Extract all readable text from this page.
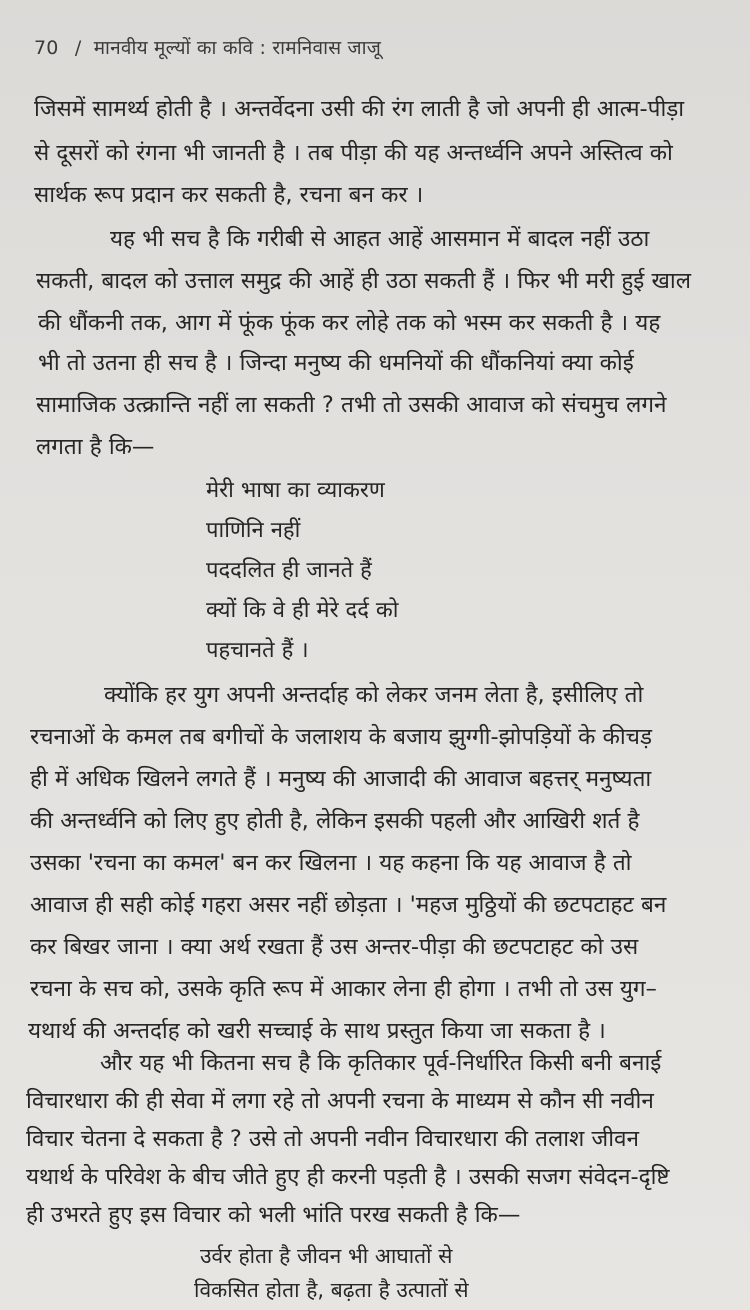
70 / मानवीय मूल्यों का कवि : रामनिवास जाजू
जिसमें सामर्थ्य होती है । अन्तर्वेदना उसी की रंग लाती है जो अपनी ही आत्म-पीड़ा
से दूसरों को रंगना भी जानती है । तब पीड़ा की यह अन्तर्ध्वनि अपने अस्तित्व को
सार्थक रूप प्रदान कर सकती है, रचना बन कर ।
यह भी सच है कि गरीबी से आहत आहें आसमान में बादल नहीं उठा
सकती, बादल को उत्ताल समुद्र की आहें ही उठा सकती हैं । फिर भी मरी हुई खाल
की धौंकनी तक, आग में फूंक फूंक कर लोहे तक को भस्म कर सकती है । यह
भी तो उतना ही सच है । जिन्दा मनुष्य की धमनियों की धौंकनियां क्या कोई
सामाजिक उत्क्रान्ति नहीं ला सकती ? तभी तो उसकी आवाज को संचमुच लगने
लगता है कि—
मेरी भाषा का व्याकरण
पाणिनि नहीं
पददलित ही जानते हैं
क्यों कि वे ही मेरे दर्द को
पहचानते हैं ।
क्योंकि हर युग अपनी अन्तर्दाह को लेकर जनम लेता है, इसीलिए तो
रचनाओं के कमल तब बगीचों के जलाशय के बजाय झुग्गी-झोपड़ियों के कीचड़
ही में अधिक खिलने लगते हैं । मनुष्य की आजादी की आवाज बहत्तर् मनुष्यता
की अन्तर्ध्वनि को लिए हुए होती है, लेकिन इसकी पहली और आखिरी शर्त है
उसका 'रचना का कमल' बन कर खिलना । यह कहना कि यह आवाज है तो
आवाज ही सही कोई गहरा असर नहीं छोड़ता । 'महज मुठ्ठियों की छटपटाहट बन
कर बिखर जाना । क्या अर्थ रखता हैं उस अन्तर-पीड़ा की छटपटाहट को उस
रचना के सच को, उसके कृति रूप में आकार लेना ही होगा । तभी तो उस युग–
यथार्थ की अन्तर्दाह को खरी सच्चाई के साथ प्रस्तुत किया जा सकता है ।
और यह भी कितना सच है कि कृतिकार पूर्व-निर्धारित किसी बनी बनाई
विचारधारा की ही सेवा में लगा रहे तो अपनी रचना के माध्यम से कौन सी नवीन
विचार चेतना दे सकता है ? उसे तो अपनी नवीन विचारधारा की तलाश जीवन
यथार्थ के परिवेश के बीच जीते हुए ही करनी पड़ती है । उसकी सजग संवेदन-दृष्टि
ही उभरते हुए इस विचार को भली भांति परख सकती है कि—
उर्वर होता है जीवन भी आघातों से
विकसित होता है, बढ़ता है उत्पातों से
